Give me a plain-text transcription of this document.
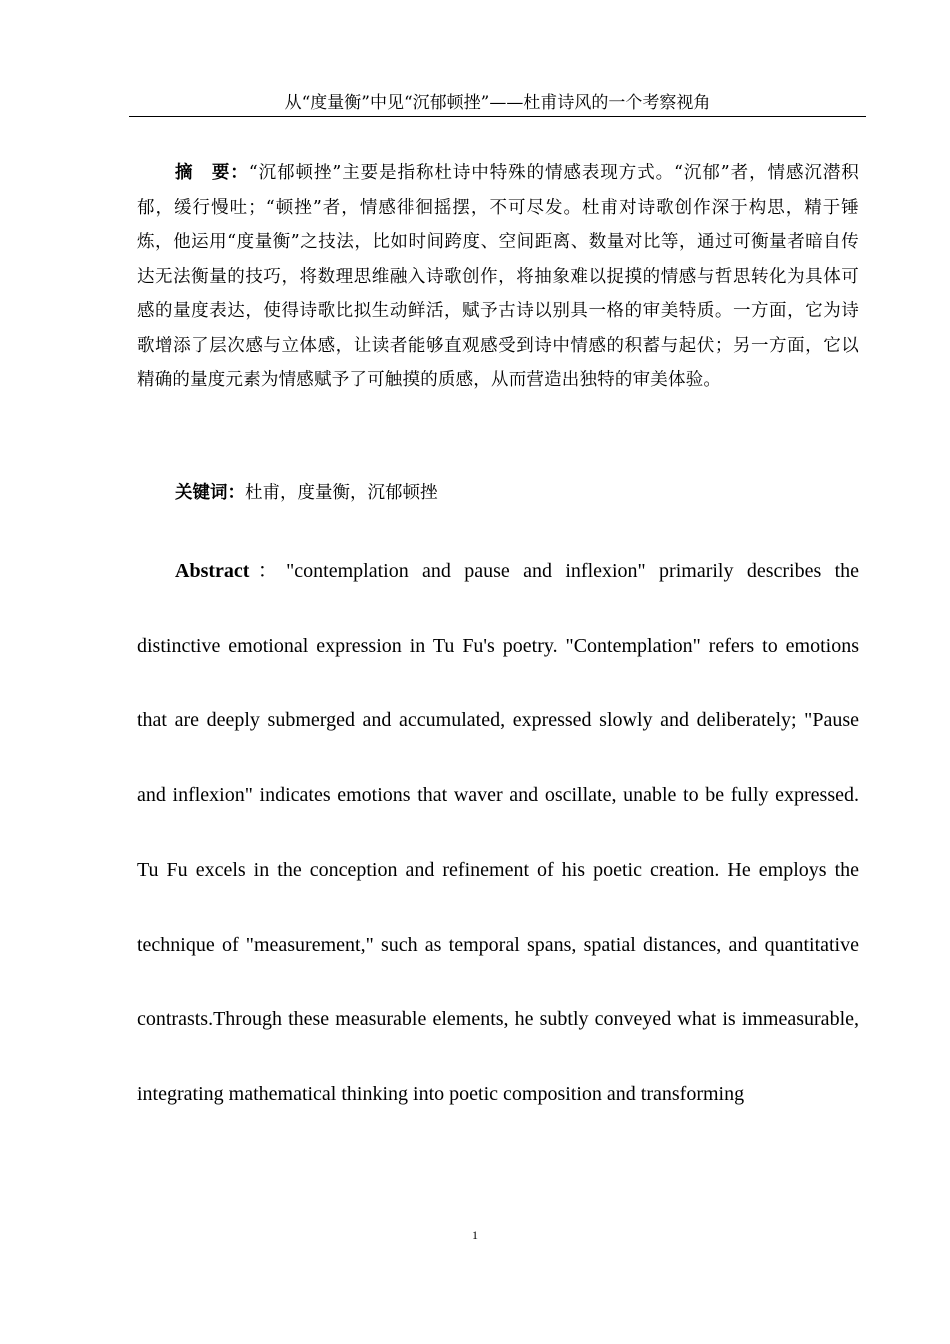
从“度量衡”中见“沉郁顿挫”——杜甫诗风的一个考察视角

摘　要：“沉郁顿挫”主要是指称杜诗中特殊的情感表现方式。“沉郁”者，情感沉潜积郁，缓行慢吐；“顿挫”者，情感徘徊摇摆，不可尽发。杜甫对诗歌创作深于构思，精于锤炼，他运用“度量衡”之技法，比如时间跨度、空间距离、数量对比等，通过可衡量者暗自传达无法衡量的技巧，将数理思维融入诗歌创作，将抽象难以捉摸的情感与哲思转化为具体可感的量度表达，使得诗歌比拟生动鲜活，赋予古诗以别具一格的审美特质。一方面，它为诗歌增添了层次感与立体感，让读者能够直观感受到诗中情感的积蓄与起伏；另一方面，它以精确的量度元素为情感赋予了可触摸的质感，从而营造出独特的审美体验。

关键词：杜甫，度量衡，沉郁顿挫

Abstract："contemplation and pause and inflexion" primarily describes the distinctive emotional expression in Tu Fu's poetry. "Contemplation" refers to emotions that are deeply submerged and accumulated, expressed slowly and deliberately; "Pause and inflexion" indicates emotions that waver and oscillate, unable to be fully expressed. Tu Fu excels in the conception and refinement of his poetic creation. He employs the technique of "measurement," such as temporal spans, spatial distances, and quantitative contrasts.Through these measurable elements, he subtly conveyed what is immeasurable, integrating mathematical thinking into poetic composition and transforming

1
